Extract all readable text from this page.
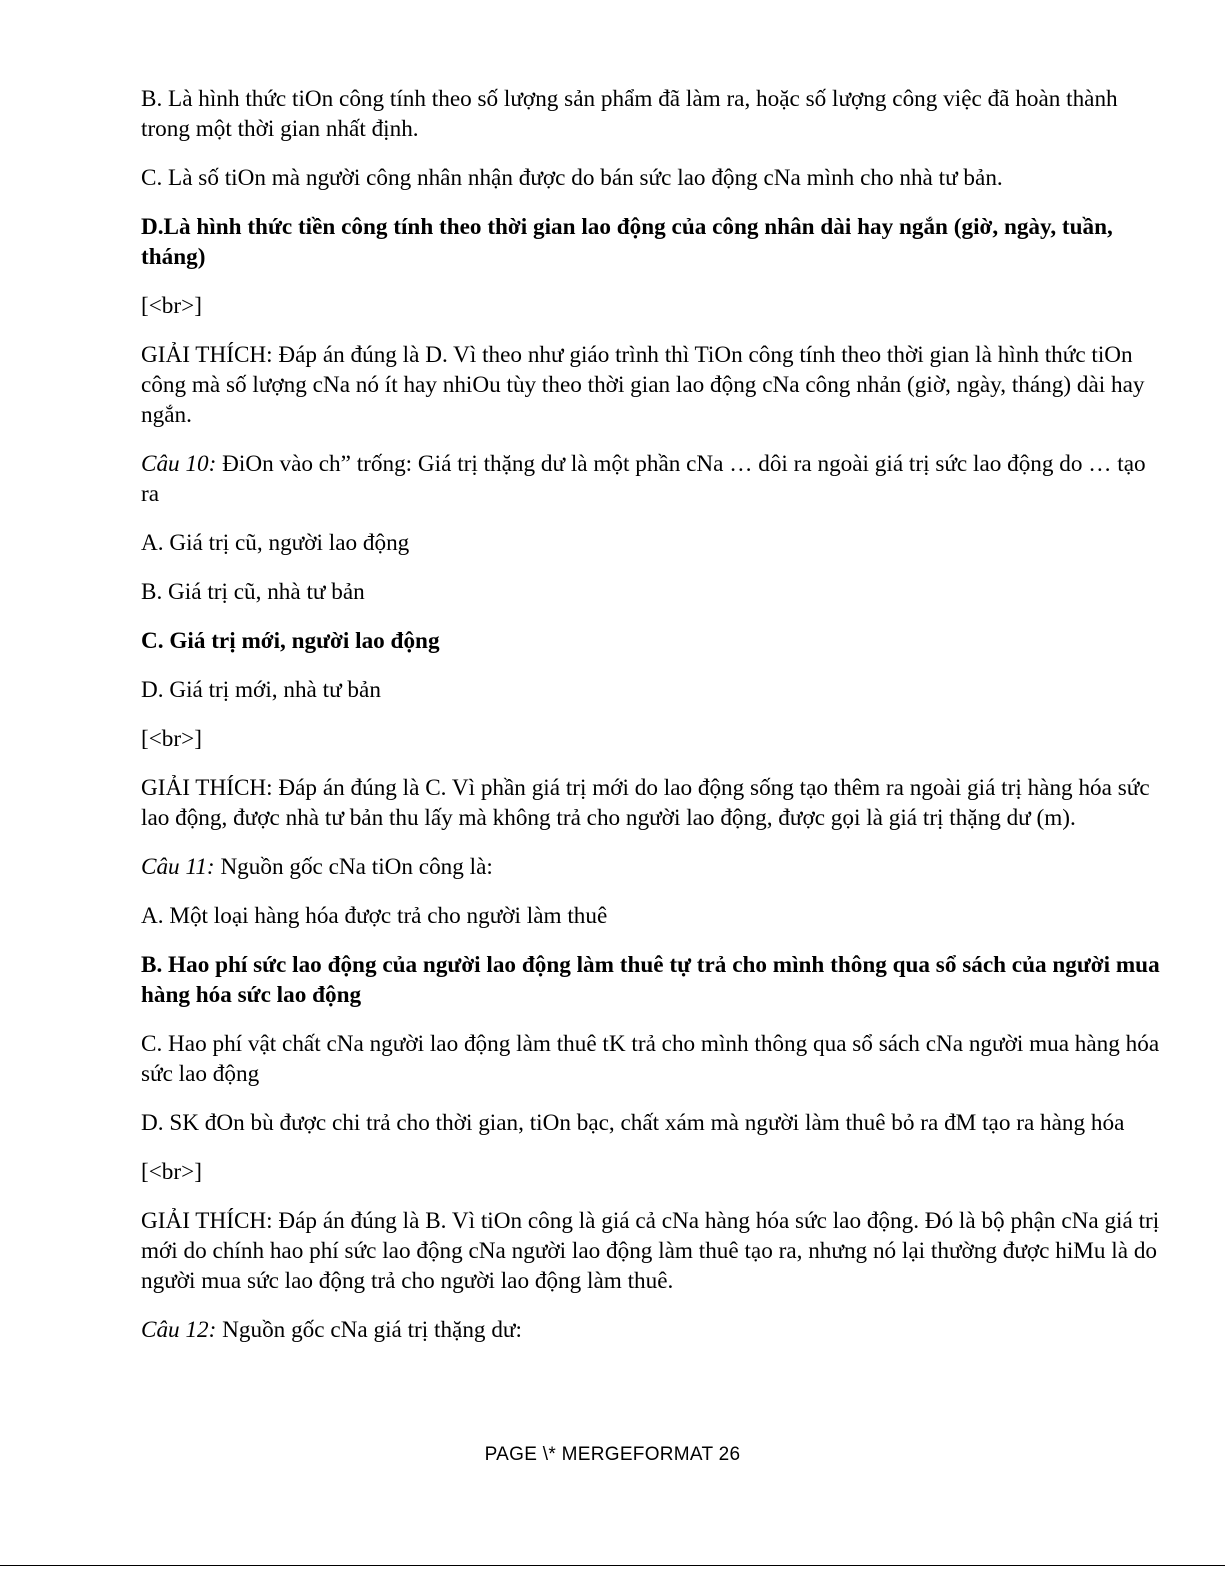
B. Là hình thức tiOn công tính theo số lượng sản phẩm đã làm ra, hoặc số lượng công việc đã hoàn thành trong một thời gian nhất định.

C. Là số tiOn mà người công nhân nhận được do bán sức lao động cNa mình cho nhà tư bản.

D.Là hình thức tiền công tính theo thời gian lao động của công nhân dài hay ngắn (giờ, ngày, tuần, tháng)

[<br>]

GIẢI THÍCH: Đáp án đúng là D. Vì theo như giáo trình thì TiOn công tính theo thời gian là hình thức tiOn công mà số lượng cNa nó ít hay nhiOu tùy theo thời gian lao động cNa công nhản (giờ, ngày, tháng) dài hay ngắn.

Câu 10: ĐiOn vào ch” trống: Giá trị thặng dư là một phần cNa … dôi ra ngoài giá trị sức lao động do … tạo ra

A. Giá trị cũ, người lao động

B. Giá trị cũ, nhà tư bản

C. Giá trị mới, người lao động

D. Giá trị mới, nhà tư bản

[<br>]

GIẢI THÍCH: Đáp án đúng là C. Vì phần giá trị mới do lao động sống tạo thêm ra ngoài giá trị hàng hóa sức lao động, được nhà tư bản thu lấy mà không trả cho người lao động, được gọi là giá trị thặng dư (m).

Câu 11: Nguồn gốc cNa tiOn công là:

A. Một loại hàng hóa được trả cho người làm thuê

B. Hao phí sức lao động của người lao động làm thuê tự trả cho mình thông qua sổ sách của người mua hàng hóa sức lao động

C. Hao phí vật chất cNa người lao động làm thuê tK trả cho mình thông qua sổ sách cNa người mua hàng hóa sức lao động

D. SK đOn bù được chi trả cho thời gian, tiOn bạc, chất xám mà người làm thuê bỏ ra đM tạo ra hàng hóa

[<br>]

GIẢI THÍCH: Đáp án đúng là B. Vì tiOn công là giá cả cNa hàng hóa sức lao động. Đó là bộ phận cNa giá trị mới do chính hao phí sức lao động cNa người lao động làm thuê tạo ra, nhưng nó lại thường được hiMu là do người mua sức lao động trả cho người lao động làm thuê.

Câu 12: Nguồn gốc cNa giá trị thặng dư:

PAGE \* MERGEFORMAT 26
